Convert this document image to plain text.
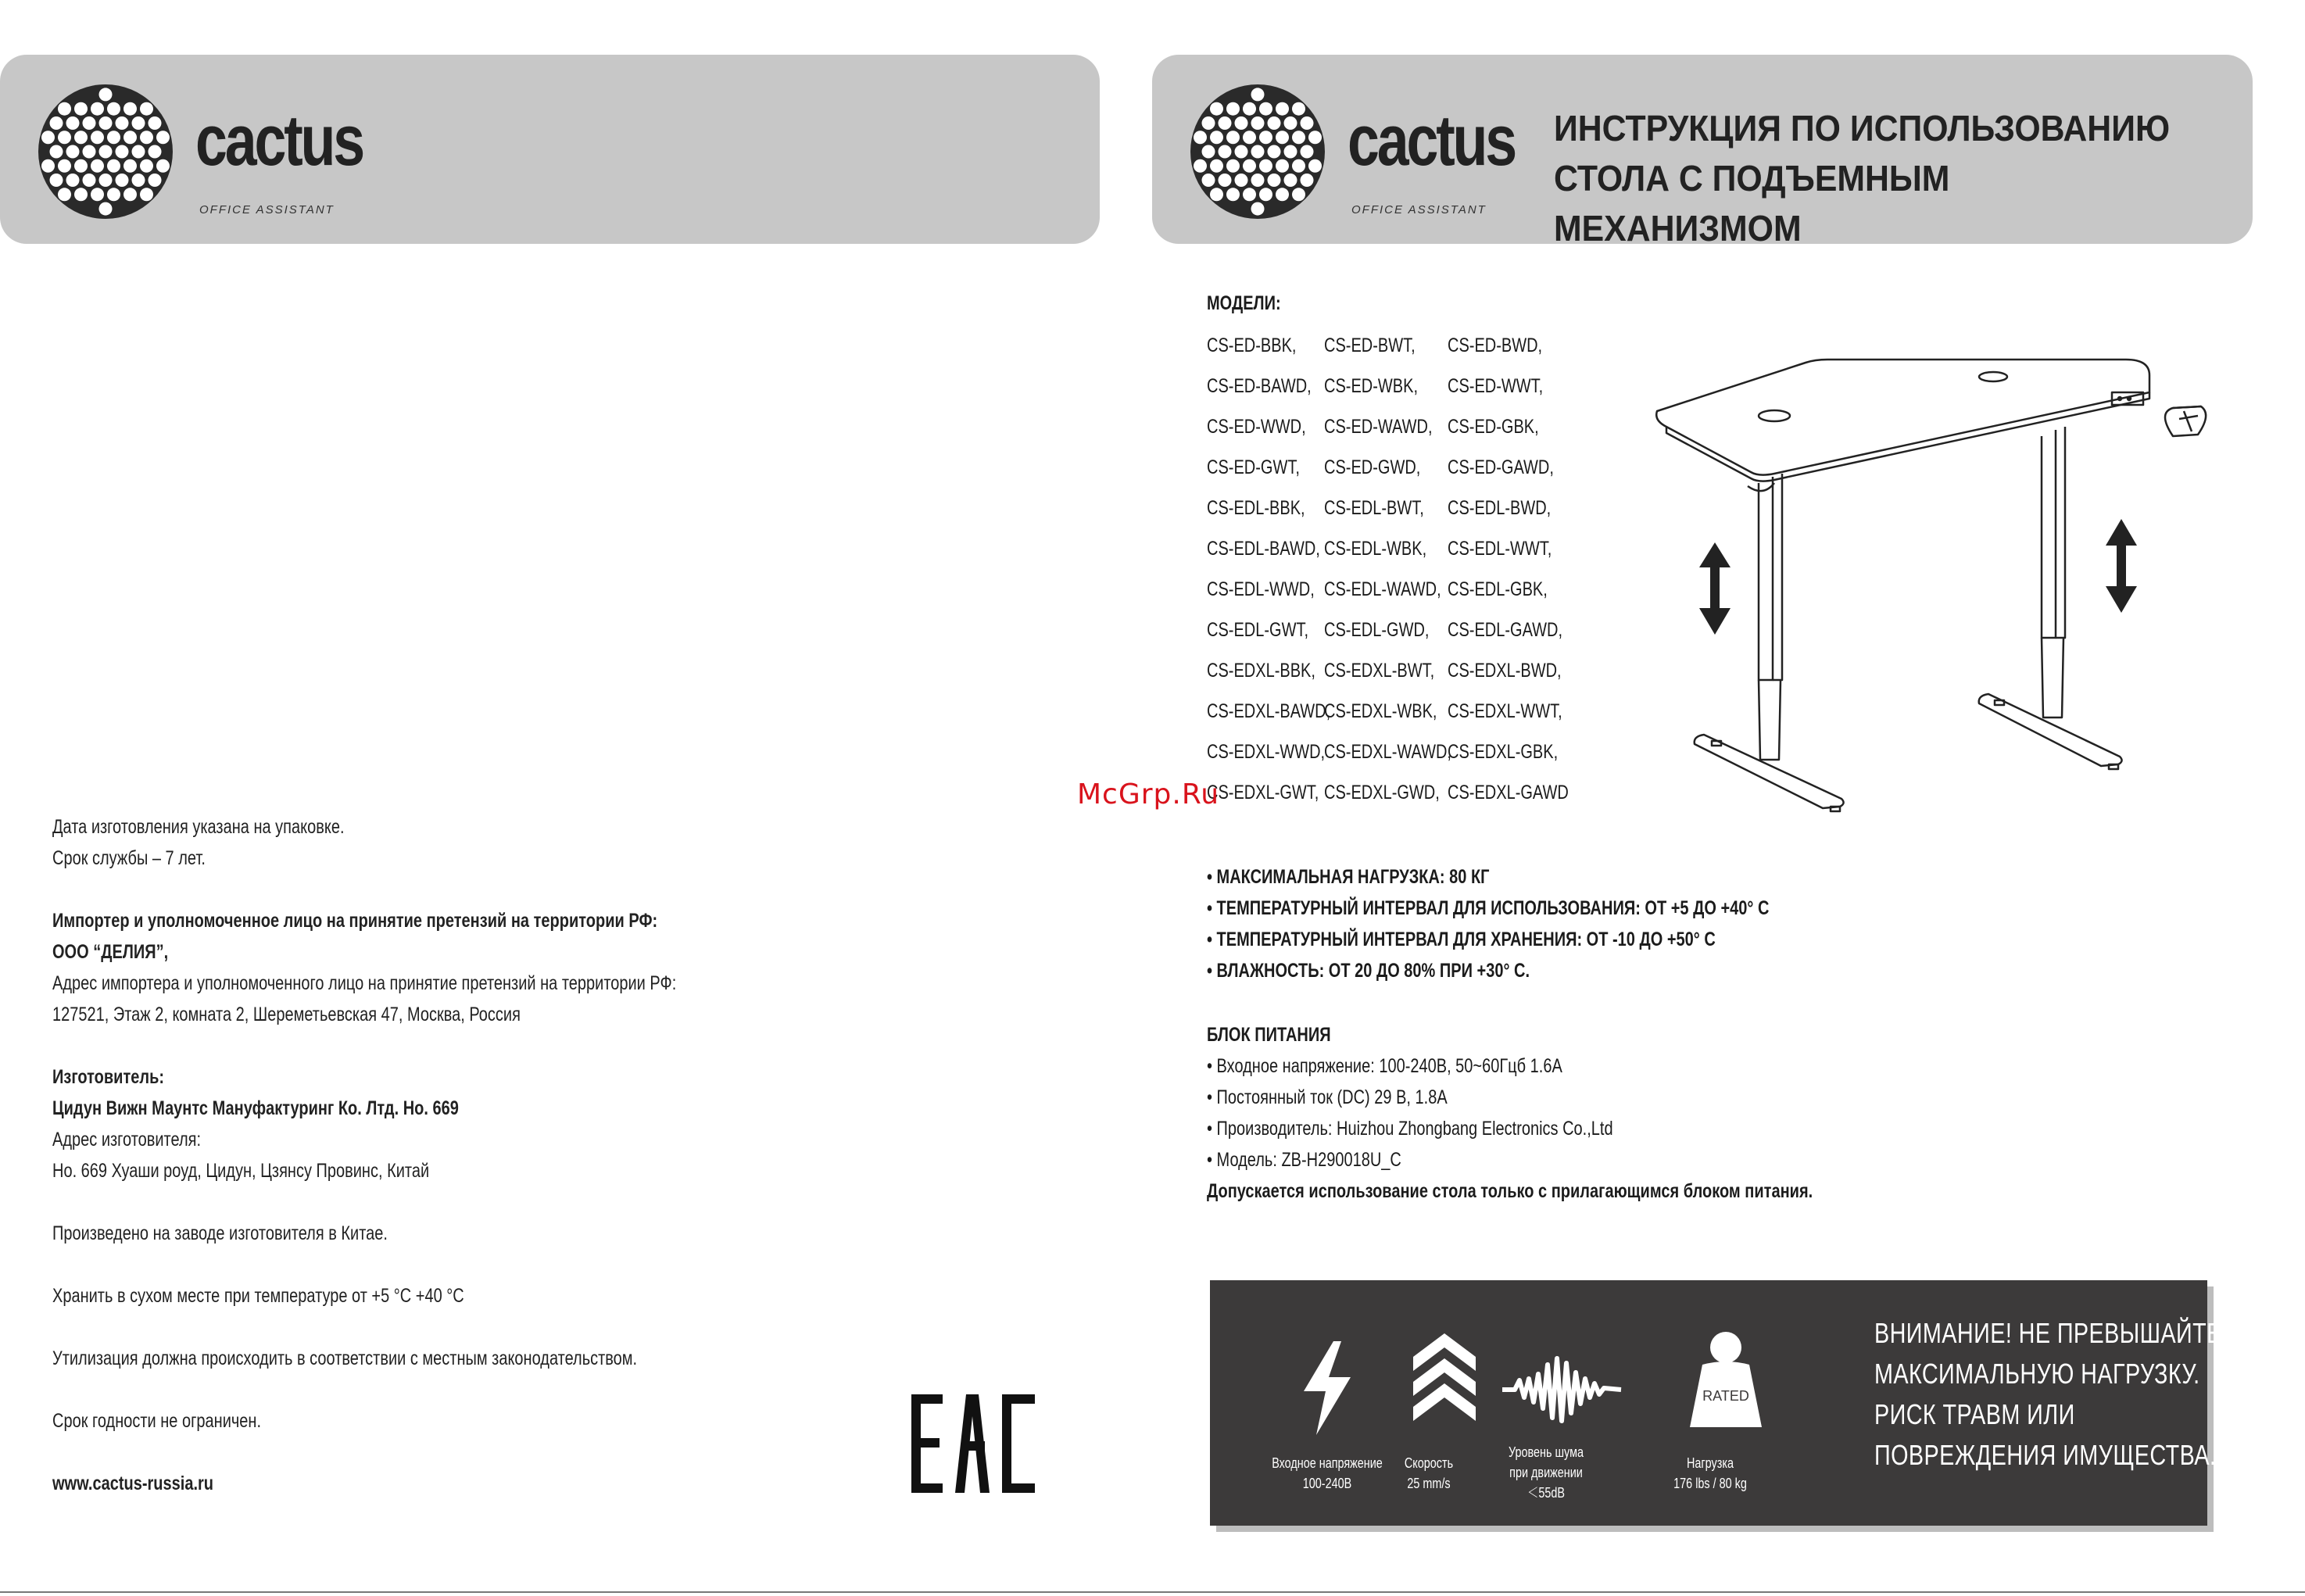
cactus
OFFICE ASSISTANT
Дата изготовления указана на упаковке.
Срок службы – 7 лет.
Импортер и уполномоченное лицо на принятие претензий на территории РФ:
ООО “ДЕЛИЯ”,
Адрес импортера и уполномоченного лицо на принятие претензий на территории РФ:
127521, Этаж 2, комната 2, Шереметьевская 47, Москва, Россия
Изготовитель:
Цидун Вижн Маунтс Мануфактуринг Ко. Лтд. Но. 669
Адрес изготовителя:
Но. 669 Хуаши роуд, Цидун, Цзянсу Провинс, Китай
Произведено на заводе изготовителя в Китае.
Хранить в сухом месте при температуре от +5 °С +40 °С
Утилизация должна происходить в соответствии с местным законодательством.
Срок годности не ограничен.
www.cactus-russia.ru
cactus
OFFICE ASSISTANT
ИНСТРУКЦИЯ ПО ИСПОЛЬЗОВАНИЮ
СТОЛА С ПОДЪЕМНЫМ МЕХАНИЗМОМ
МОДЕЛИ:
CS-ED-BBK, CS-ED-BWT, CS-ED-BWD,
CS-ED-BAWD, CS-ED-WBK, CS-ED-WWT,
CS-ED-WWD, CS-ED-WAWD, CS-ED-GBK,
CS-ED-GWT, CS-ED-GWD, CS-ED-GAWD,
CS-EDL-BBK, CS-EDL-BWT, CS-EDL-BWD,
CS-EDL-BAWD, CS-EDL-WBK, CS-EDL-WWT,
CS-EDL-WWD, CS-EDL-WAWD, CS-EDL-GBK,
CS-EDL-GWT, CS-EDL-GWD, CS-EDL-GAWD,
CS-EDXL-BBK, CS-EDXL-BWT, CS-EDXL-BWD,
CS-EDXL-BAWD,
CS-EDXL-WBK, CS-EDXL-WWT,
CS-EDXL-WWD,
CS-EDXL-WAWD,
CS-EDXL-GBK,
CS-EDXL-GWT, CS-EDXL-GWD, CS-EDXL-GAWD
McGrp.Ru
• МАКСИМАЛЬНАЯ НАГРУЗКА: 80 КГ
• ТЕМПЕРАТУРНЫЙ ИНТЕРВАЛ ДЛЯ ИСПОЛЬЗОВАНИЯ: ОТ +5 ДО +40° С
• ТЕМПЕРАТУРНЫЙ ИНТЕРВАЛ ДЛЯ ХРАНЕНИЯ: ОТ -10 ДО +50° С
• ВЛАЖНОСТЬ: ОТ 20 ДО 80% ПРИ +30° С.
БЛОК ПИТАНИЯ
• Входное напряжение: 100-240В, 50~60Гцб 1.6A
• Постоянный ток (DC) 29 В, 1.8A
• Производитель: Huizhou Zhongbang Electronics Co.,Ltd
• Модель: ZB-H290018U_C
Допускается использование стола только с прилагающимся блоком питания.
Входное напряжение
100-240В
Скорость
25 mm/s
Уровень шума
при движении
＜55dB
RATED
Нагрузка
176 lbs / 80 kg
ВНИМАНИЕ! НЕ ПРЕВЫШАЙТЕ
МАКСИМАЛЬНУЮ НАГРУЗКУ.
РИСК ТРАВМ ИЛИ
ПОВРЕЖДЕНИЯ ИМУЩЕСТВА.
